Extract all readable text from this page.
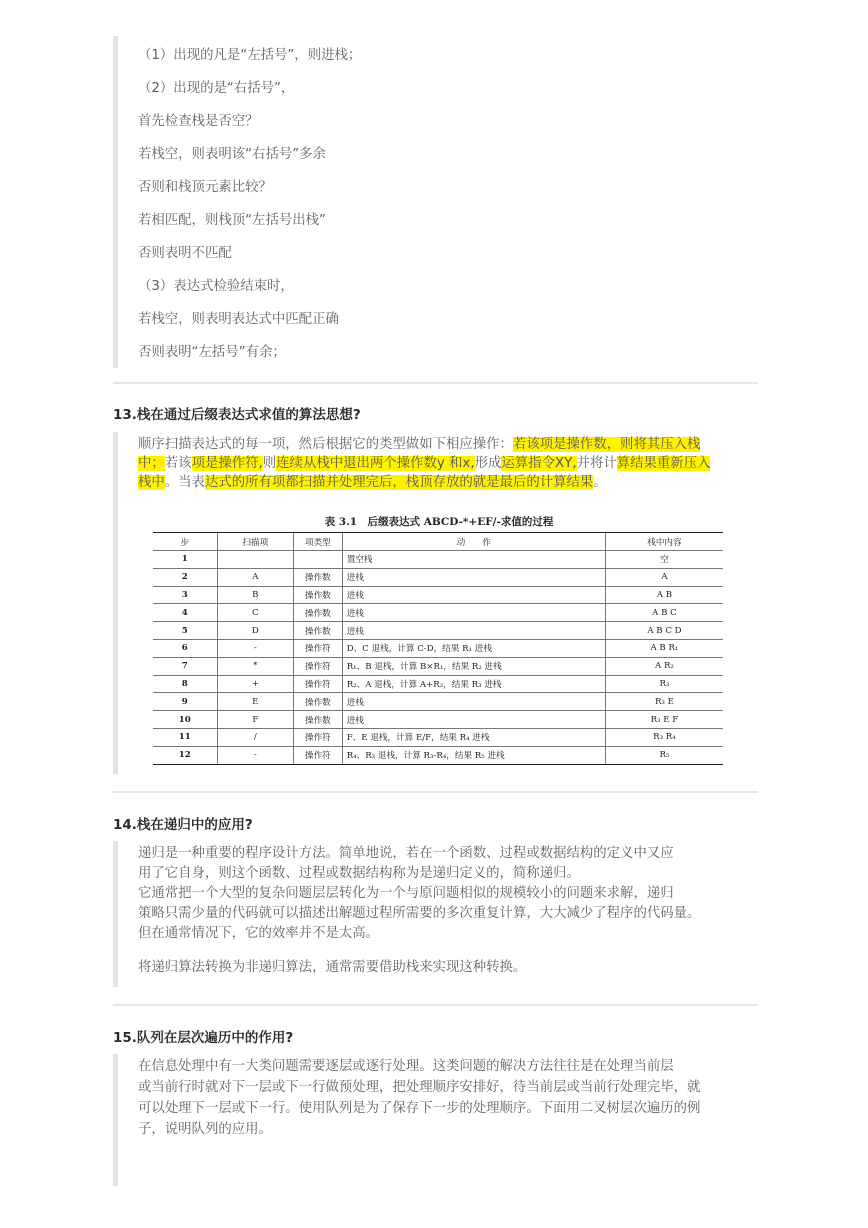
（1）出现的凡是“左括号”，则进栈；
（2）出现的是“右括号”，
首先检查栈是否空？
若栈空，则表明该“右括号”多余
否则和栈顶元素比较？
若相匹配，则栈顶“左括号出栈”
否则表明不匹配
（3）表达式检验结束时，
若栈空，则表明表达式中匹配正确
否则表明“左括号”有余；
13.栈在通过后缀表达式求值的算法思想?
顺序扫描表达式的每一项，然后根据它的类型做如下相应操作：若该项是操作数，则将其压入栈
中；若该项是操作符,则连续从栈中退出两个操作数y 和x,形成运算指令XY,并将计算结果重新压入
栈中。当表达式的所有项都扫描并处理完后，栈顶存放的就是最后的计算结果。
表 3.1　后缀表达式 ABCD-*+EF/-求值的过程
步	扫描项	项类型	动　　作	栈中内容
1			置空栈	空
2	A	操作数	进栈	A
3	B	操作数	进栈	A B
4	C	操作数	进栈	A B C
5	D	操作数	进栈	A B C D
6	-	操作符	D、C 退栈，计算 C-D，结果 R₁ 进栈	A B R₁
7	*	操作符	R₁、B 退栈，计算 B×R₁，结果 R₂ 进栈	A R₂
8	+	操作符	R₂、A 退栈，计算 A+R₂，结果 R₃ 进栈	R₃
9	E	操作数	进栈	R₃ E
10	F	操作数	进栈	R₃ E F
11	/	操作符	F、E 退栈，计算 E/F，结果 R₄ 进栈	R₃ R₄
12	-	操作符	R₄、R₃ 退栈，计算 R₃-R₄，结果 R₅ 进栈	R₅
14.栈在递归中的应用?
递归是一种重要的程序设计方法。简单地说，若在一个函数、过程或数据结构的定义中又应
用了它自身，则这个函数、过程或数据结构称为是递归定义的，简称递归。
它通常把一个大型的复杂问题层层转化为一个与原问题相似的规模较小的问题来求解，递归
策略只需少量的代码就可以描述出解题过程所需要的多次重复计算，大大减少了程序的代码量。
但在通常情况下，它的效率并不是太高。
将递归算法转换为非递归算法，通常需要借助栈来实现这种转换。
15.队列在层次遍历中的作用?
在信息处理中有一大类问题需要逐层或逐行处理。这类问题的解决方法往往是在处理当前层
或当前行时就对下一层或下一行做预处理，把处理顺序安排好，待当前层或当前行处理完毕，就
可以处理下一层或下一行。使用队列是为了保存下一步的处理顺序。下面用二叉树层次遍历的例
子，说明队列的应用。
